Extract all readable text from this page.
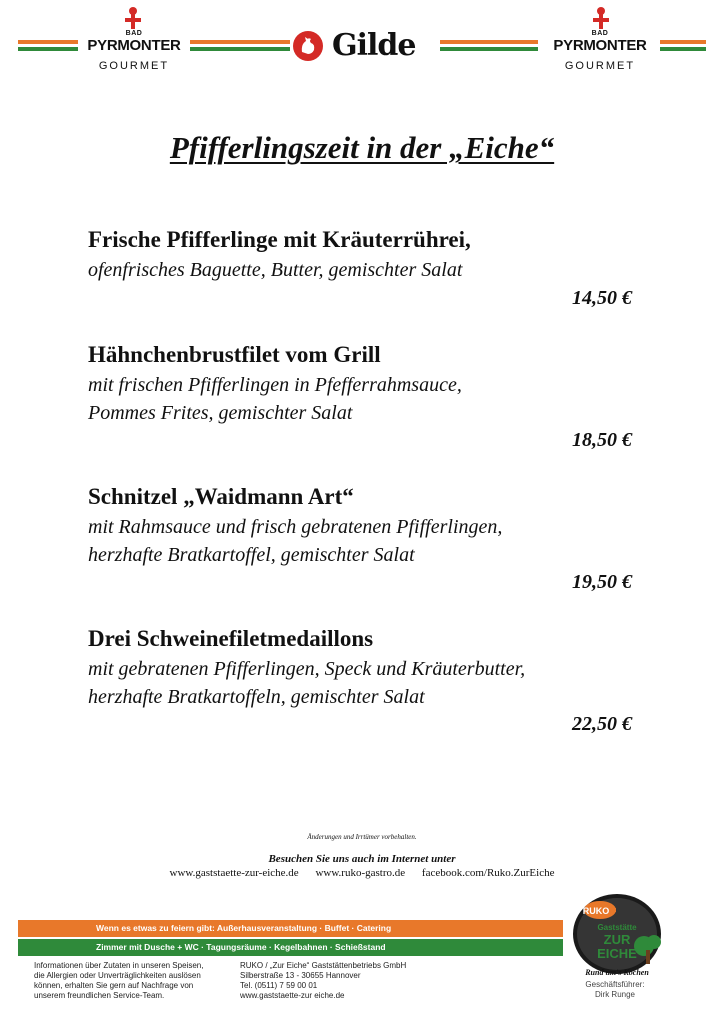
BAD
PYRMONTER
GOURMET
Gilde	BAD
PYRMONTER
GOURMET
Pfifferlingszeit in der „Eiche“
Frische Pfifferlinge mit Kräuterrührei,
ofenfrisches Baguette, Butter, gemischter Salat
14,50 €
Hähnchenbrustfilet vom Grill
mit frischen Pfifferlingen in Pfefferrahmsauce,
Pommes Frites, gemischter Salat
18,50 €
Schnitzel „Waidmann Art“
mit Rahmsauce und frisch gebratenen Pfifferlingen,
herzhafte Bratkartoffel, gemischter Salat
19,50 €
Drei Schweinefiletmedaillons
mit gebratenen Pfifferlingen, Speck und Kräuterbutter,
herzhafte Bratkartoffeln, gemischter Salat
22,50 €
Änderungen und Irrtümer vorbehalten.
Besuchen Sie uns auch im Internet unter
www.gaststaette-zur-eiche.de www.ruko-gastro.de facebook.com/Ruko.ZurEiche
Wenn es etwas zu feiern gibt: Außerhausveranstaltung · Buffet · Catering
Zimmer mit Dusche + WC · Tagungsräume · Kegelbahnen · Schießstand
Informationen über Zutaten in unseren Speisen,
die Allergien oder Unverträglichkeiten auslösen
können, erhalten Sie gern auf Nachfrage von
unserem freundlichen Service-Team.
RUKO / „Zur Eiche“ Gaststättenbetriebs GmbH
Silberstraße 13 - 30655 Hannover
Tel. (0511) 7 59 00 01
www.gaststaette-zur eiche.de
RUKO
Gaststätte
ZUR
EICHE
Rund um's Kochen
Geschäftsführer:
Dirk Runge
